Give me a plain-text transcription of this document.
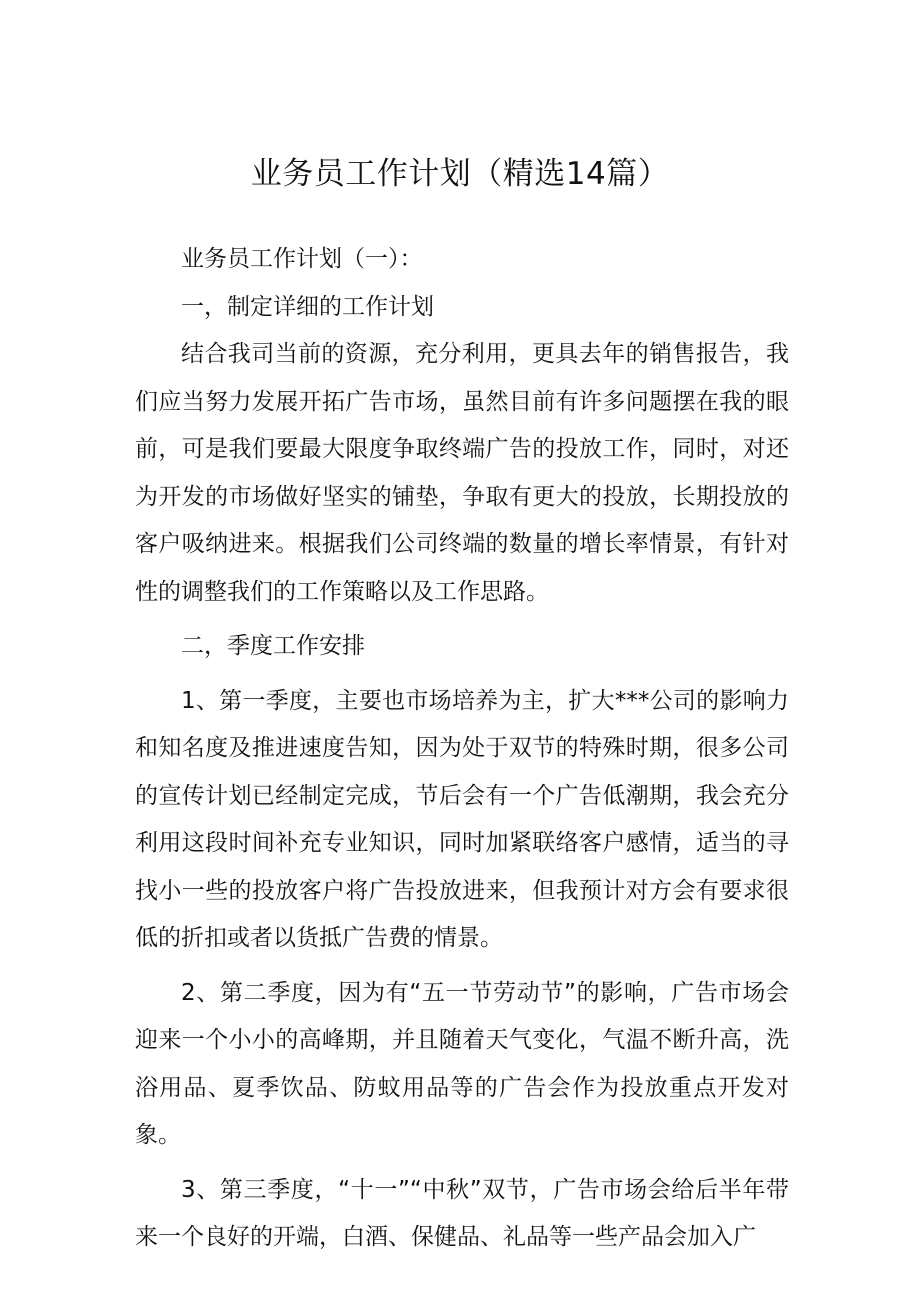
业务员工作计划（精选14篇）

业务员工作计划（一）：

一，制定详细的工作计划

结合我司当前的资源，充分利用，更具去年的销售报告，我们应当努力发展开拓广告市场，虽然目前有许多问题摆在我的眼前，可是我们要最大限度争取终端广告的投放工作，同时，对还为开发的市场做好坚实的铺垫，争取有更大的投放，长期投放的客户吸纳进来。根据我们公司终端的数量的增长率情景，有针对性的调整我们的工作策略以及工作思路。

二，季度工作安排

1、第一季度，主要也市场培养为主，扩大***公司的影响力和知名度及推进速度告知，因为处于双节的特殊时期，很多公司的宣传计划已经制定完成，节后会有一个广告低潮期，我会充分利用这段时间补充专业知识，同时加紧联络客户感情，适当的寻找小一些的投放客户将广告投放进来，但我预计对方会有要求很低的折扣或者以货抵广告费的情景。

2、第二季度，因为有“五一节劳动节”的影响，广告市场会迎来一个小小的高峰期，并且随着天气变化，气温不断升高，洗浴用品、夏季饮品、防蚊用品等的广告会作为投放重点开发对象。

3、第三季度，“十一”“中秋”双节，广告市场会给后半年带来一个良好的开端，白酒、保健品、礼品等一些产品会加入广
